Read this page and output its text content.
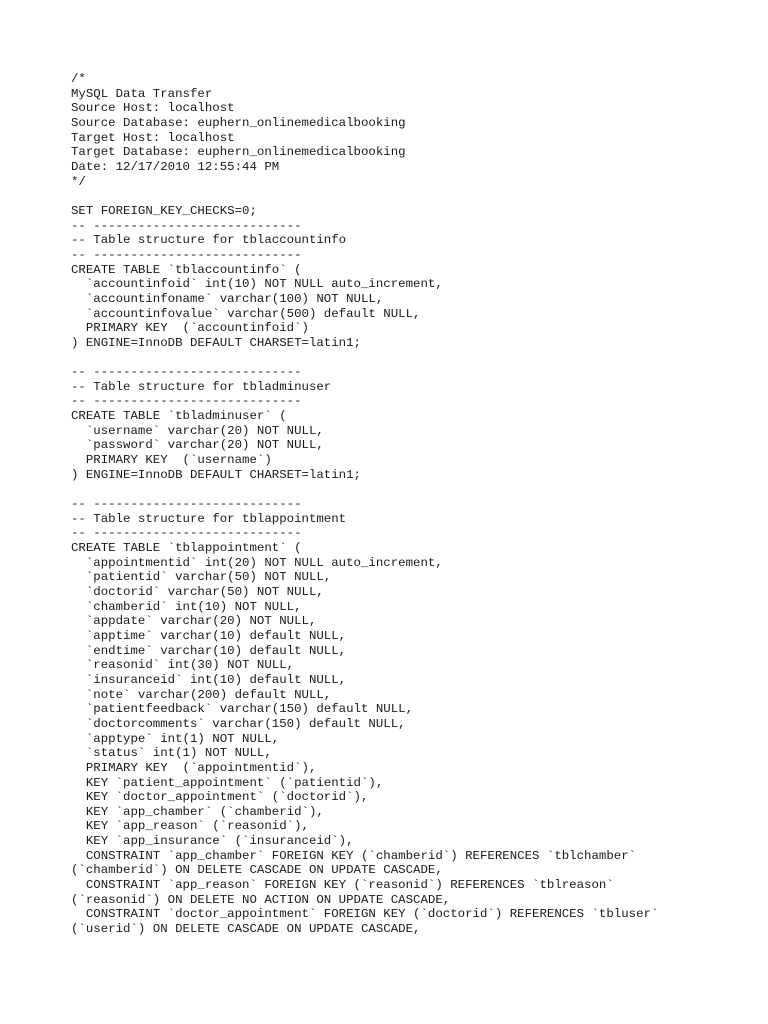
/*
MySQL Data Transfer
Source Host: localhost
Source Database: euphern_onlinemedicalbooking
Target Host: localhost
Target Database: euphern_onlinemedicalbooking
Date: 12/17/2010 12:55:44 PM
*/
SET FOREIGN_KEY_CHECKS=0;
-- ----------------------------
-- Table structure for tblaccountinfo
-- ----------------------------
CREATE TABLE `tblaccountinfo` (
`accountinfoid` int(10) NOT NULL auto_increment,
`accountinfoname` varchar(100) NOT NULL,
`accountinfovalue` varchar(500) default NULL,
PRIMARY KEY  (`accountinfoid`)
) ENGINE=InnoDB DEFAULT CHARSET=latin1;
-- ----------------------------
-- Table structure for tbladminuser
-- ----------------------------
CREATE TABLE `tbladminuser` (
`username` varchar(20) NOT NULL,
`password` varchar(20) NOT NULL,
PRIMARY KEY  (`username`)
) ENGINE=InnoDB DEFAULT CHARSET=latin1;
-- ----------------------------
-- Table structure for tblappointment
-- ----------------------------
CREATE TABLE `tblappointment` (
`appointmentid` int(20) NOT NULL auto_increment,
`patientid` varchar(50) NOT NULL,
`doctorid` varchar(50) NOT NULL,
`chamberid` int(10) NOT NULL,
`appdate` varchar(20) NOT NULL,
`apptime` varchar(10) default NULL,
`endtime` varchar(10) default NULL,
`reasonid` int(30) NOT NULL,
`insuranceid` int(10) default NULL,
`note` varchar(200) default NULL,
`patientfeedback` varchar(150) default NULL,
`doctorcomments` varchar(150) default NULL,
`apptype` int(1) NOT NULL,
`status` int(1) NOT NULL,
PRIMARY KEY  (`appointmentid`),
KEY `patient_appointment` (`patientid`),
KEY `doctor_appointment` (`doctorid`),
KEY `app_chamber` (`chamberid`),
KEY `app_reason` (`reasonid`),
KEY `app_insurance` (`insuranceid`),
CONSTRAINT `app_chamber` FOREIGN KEY (`chamberid`) REFERENCES `tblchamber`
(`chamberid`) ON DELETE CASCADE ON UPDATE CASCADE,
CONSTRAINT `app_reason` FOREIGN KEY (`reasonid`) REFERENCES `tblreason`
(`reasonid`) ON DELETE NO ACTION ON UPDATE CASCADE,
CONSTRAINT `doctor_appointment` FOREIGN KEY (`doctorid`) REFERENCES `tbluser`
(`userid`) ON DELETE CASCADE ON UPDATE CASCADE,
